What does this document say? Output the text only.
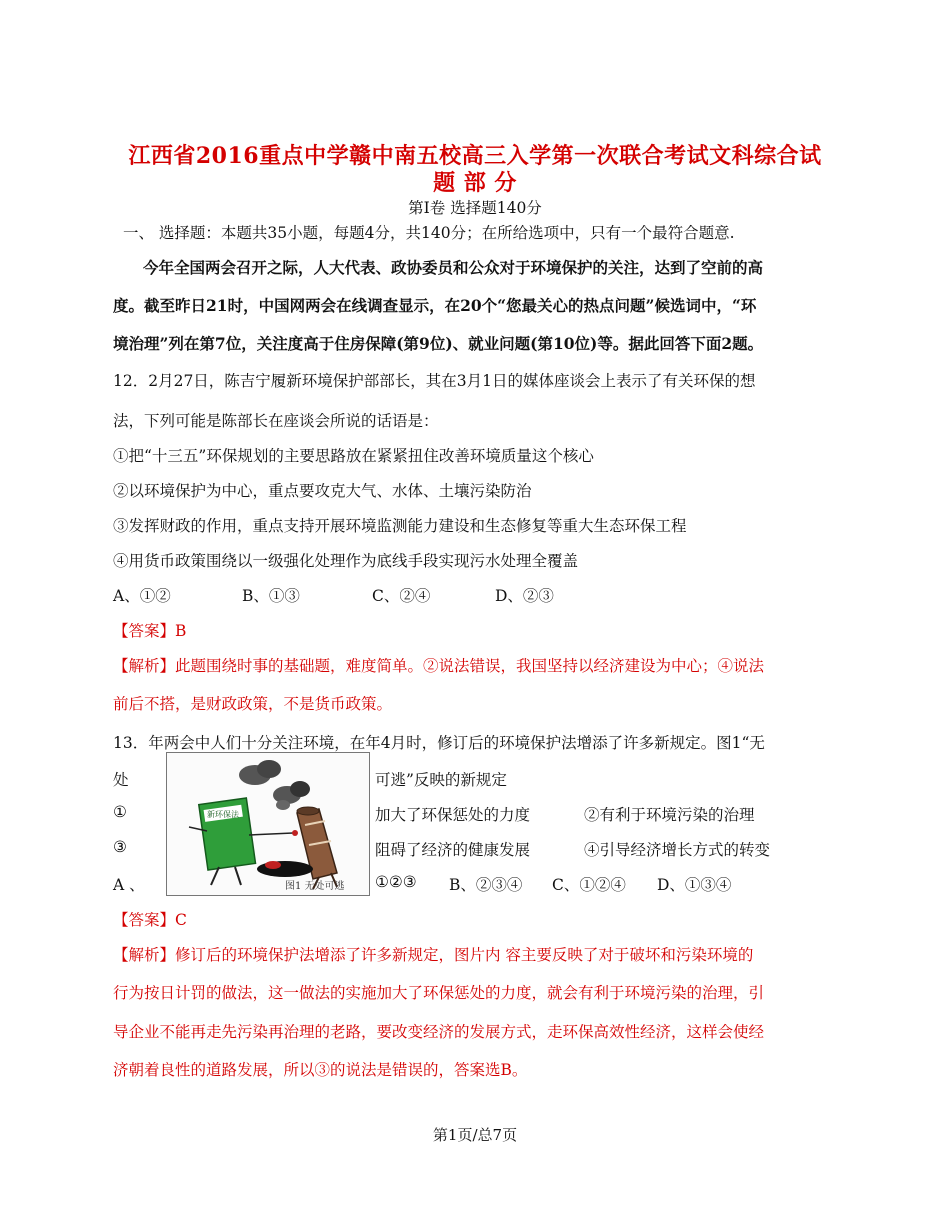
江西省2016重点中学赣中南五校高三入学第一次联合考试文科综合试题 部 分
第Ⅰ卷 选择题140分
一、 选择题：本题共35小题，每题4分，共140分；在所给选项中，只有一个最符合题意.
今年全国两会召开之际，人大代表、政协委员和公众对于环境保护的关注，达到了空前的高
度。截至昨日21时，中国网两会在线调查显示，在20个“您最关心的热点问题”候选词中，“环
境治理”列在第7位，关注度高于住房保障(第9位)、就业问题(第10位)等。据此回答下面2题。
12．2月27日，陈吉宁履新环境保护部部长，其在3月1日的媒体座谈会上表示了有关环保的想
法，下列可能是陈部长在座谈会所说的话语是：
①把“十三五”环保规划的主要思路放在紧紧扭住改善环境质量这个核心
②以环境保护为中心，重点要攻克大气、水体、土壤污染防治
③发挥财政的作用，重点支持开展环境监测能力建设和生态修复等重大生态环保工程
④用货币政策围绕以一级强化处理作为底线手段实现污水处理全覆盖
A、①②	B、①③	C、②④	D、②③
【答案】B
【解析】此题围绕时事的基础题，难度简单。②说法错误，我国坚持以经济建设为中心；④说法
前后不搭，是财政政策，不是货币政策。
13．年两会中人们十分关注环境，在年4月时，修订后的环境保护法增添了许多新规定。图1“无
处	可逃”反映的新规定
①	加大了环保惩处的力度	②有利于环境污染的治理
③	阻碍了经济的健康发展	④引导经济增长方式的转变
A 、	①②③ B、②③④ C、①②④ D、①③④
新环保法
图1 无处可逃
【答案】C
【解析】修订后的环境保护法增添了许多新规定，图片内 容主要反映了对于破坏和污染环境的
行为按日计罚的做法，这一做法的实施加大了环保惩处的力度，就会有利于环境污染的治理，引
导企业不能再走先污染再治理的老路，要改变经济的发展方式，走环保高效性经济，这样会使经
济朝着良性的道路发展，所以③的说法是错误的，答案选B。
第1页/总7页
